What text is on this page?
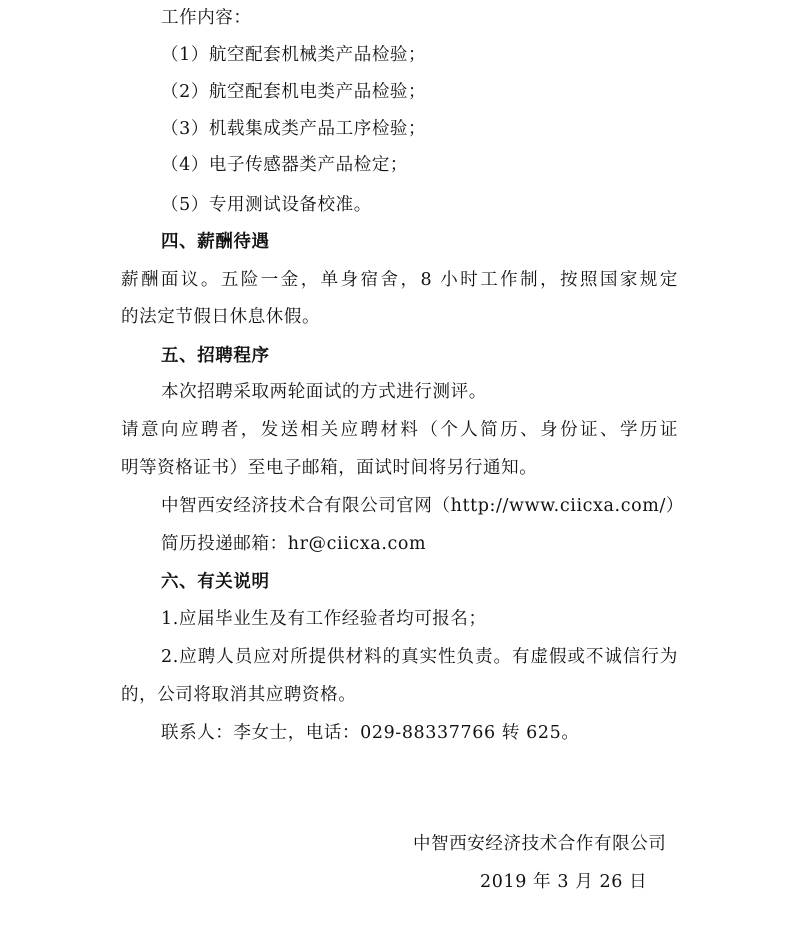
工作内容：
（1）航空配套机械类产品检验；
（2）航空配套机电类产品检验；
（3）机载集成类产品工序检验；
（4）电子传感器类产品检定；
（5）专用测试设备校准。
四、薪酬待遇
薪酬面议。五险一金，单身宿舍，8 小时工作制，按照国家规定
的法定节假日休息休假。
五、招聘程序
本次招聘采取两轮面试的方式进行测评。
请意向应聘者，发送相关应聘材料（个人简历、身份证、学历证
明等资格证书）至电子邮箱，面试时间将另行通知。
中智西安经济技术合有限公司官网（http://www.ciicxa.com/）
简历投递邮箱：hr@ciicxa.com
六、有关说明
1.应届毕业生及有工作经验者均可报名；
2.应聘人员应对所提供材料的真实性负责。有虚假或不诚信行为
的，公司将取消其应聘资格。
联系人：李女士，电话：029-88337766 转 625。
中智西安经济技术合作有限公司
2019 年 3 月 26 日
